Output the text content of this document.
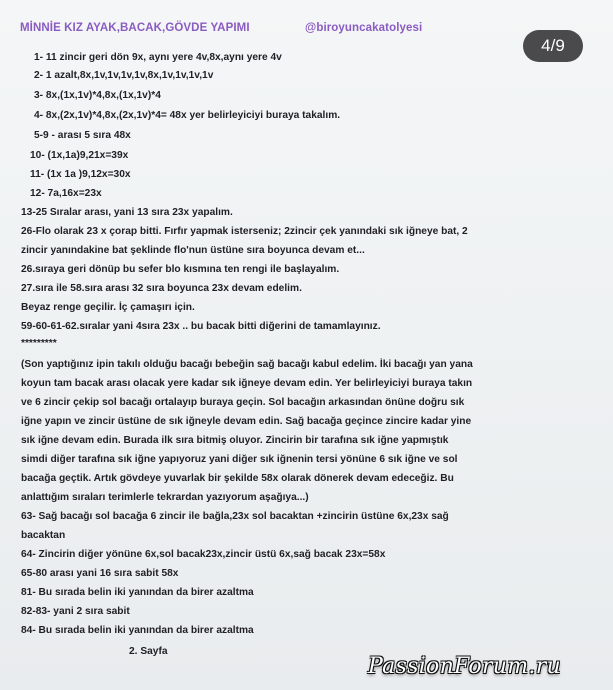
MİNNİE KIZ AYAK,BACAK,GÖVDE YAPIMI	@biroyuncakatolyesi
4/9
1- 11 zincir geri dön 9x, aynı yere 4v,8x,aynı yere 4v
2- 1 azalt,8x,1v,1v,1v,1v,8x,1v,1v,1v,1v
3- 8x,(1x,1v)*4,8x,(1x,1v)*4
4- 8x,(2x,1v)*4,8x,(2x,1v)*4= 48x yer belirleyiciyi buraya takalım.
5-9 - arası 5 sıra 48x
10- (1x,1a)9,21x=39x
11- (1x 1a )9,12x=30x
12- 7a,16x=23x
13-25 Sıralar arası, yani 13 sıra 23x yapalım.
26-Flo olarak 23 x çorap bitti. Fırfır yapmak isterseniz; 2zincir çek yanındaki sık iğneye bat, 2
zincir yanındakine bat şeklinde flo'nun üstüne sıra boyunca devam et...
26.sıraya geri dönüp bu sefer blo kısmına ten rengi ile başlayalım.
27.sıra ile 58.sıra arası 32 sıra boyunca 23x devam edelim.
Beyaz renge geçilir. İç çamaşırı için.
59-60-61-62.sıralar yani 4sıra 23x .. bu bacak bitti diğerini de tamamlayınız.
*********
(Son yaptığınız ipin takılı olduğu bacağı bebeğin sağ bacağı kabul edelim. İki bacağı yan yana
koyun tam bacak arası olacak yere kadar sık iğneye devam edin. Yer belirleyiciyi buraya takın
ve 6 zincir çekip sol bacağı ortalayıp buraya geçin. Sol bacağın arkasından önüne doğru sık
iğne yapın ve zincir üstüne de sık iğneyle devam edin. Sağ bacağa geçince zincire kadar yine
sık iğne devam edin. Burada ilk sıra bitmiş oluyor. Zincirin bir tarafına sık iğne yapmıştık
simdi diğer tarafına sık iğne yapıyoruz yani diğer sık iğnenin tersi yönüne 6 sık iğne ve sol
bacağa geçtik. Artık gövdeye yuvarlak bir şekilde 58x olarak dönerek devam edeceğiz. Bu
anlattığım sıraları terimlerle tekrardan yazıyorum aşağıya...)
63- Sağ bacağı sol bacağa 6 zincir ile bağla,23x sol bacaktan +zincirin üstüne 6x,23x sağ
bacaktan
64- Zincirin diğer yönüne 6x,sol bacak23x,zincir üstü 6x,sağ bacak 23x=58x
65-80 arası yani 16 sıra sabit 58x
81- Bu sırada belin iki yanından da birer azaltma
82-83- yani 2 sıra sabit
84- Bu sırada belin iki yanından da birer azaltma
2. Sayfa
PassionForum.ru
